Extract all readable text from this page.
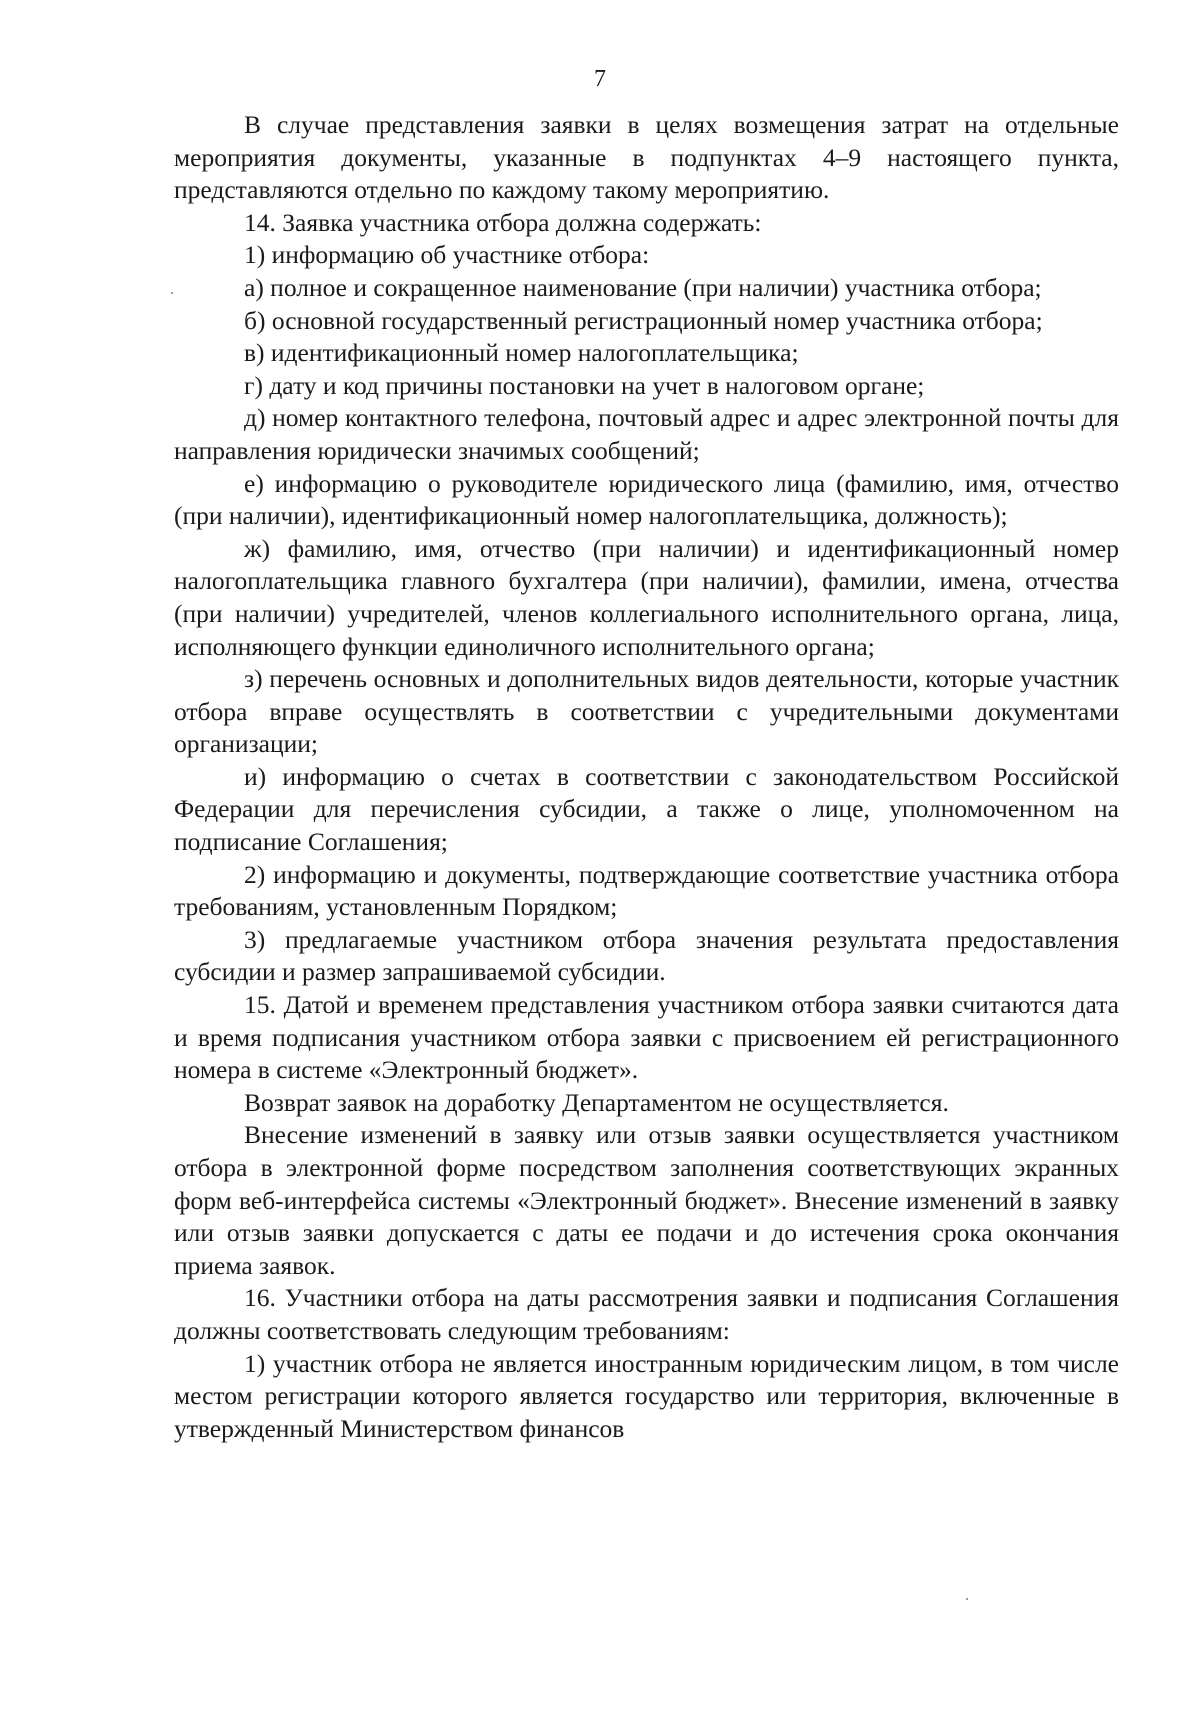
7

В случае представления заявки в целях возмещения затрат на отдельные мероприятия документы, указанные в подпунктах 4–9 настоящего пункта, представляются отдельно по каждому такому мероприятию.

14. Заявка участника отбора должна содержать:

1) информацию об участнике отбора:

а) полное и сокращенное наименование (при наличии) участника отбора;

б) основной государственный регистрационный номер участника отбора;

в) идентификационный номер налогоплательщика;

г) дату и код причины постановки на учет в налоговом органе;

д) номер контактного телефона, почтовый адрес и адрес электронной почты для направления юридически значимых сообщений;

е) информацию о руководителе юридического лица (фамилию, имя, отчество (при наличии), идентификационный номер налогоплательщика, должность);

ж) фамилию, имя, отчество (при наличии) и идентификационный номер налогоплательщика главного бухгалтера (при наличии), фамилии, имена, отчества (при наличии) учредителей, членов коллегиального исполнительного органа, лица, исполняющего функции единоличного исполнительного органа;

з) перечень основных и дополнительных видов деятельности, которые участник отбора вправе осуществлять в соответствии с учредительными документами организации;

и) информацию о счетах в соответствии с законодательством Российской Федерации для перечисления субсидии, а также о лице, уполномоченном на подписание Соглашения;

2) информацию и документы, подтверждающие соответствие участника отбора требованиям, установленным Порядком;

3) предлагаемые участником отбора значения результата предоставления субсидии и размер запрашиваемой субсидии.

15. Датой и временем представления участником отбора заявки считаются дата и время подписания участником отбора заявки с присвоением ей регистрационного номера в системе «Электронный бюджет».

Возврат заявок на доработку Департаментом не осуществляется.

Внесение изменений в заявку или отзыв заявки осуществляется участником отбора в электронной форме посредством заполнения соответствующих экранных форм веб-интерфейса системы «Электронный бюджет». Внесение изменений в заявку или отзыв заявки допускается с даты ее подачи и до истечения срока окончания приема заявок.

16. Участники отбора на даты рассмотрения заявки и подписания Соглашения должны соответствовать следующим требованиям:

1) участник отбора не является иностранным юридическим лицом, в том числе местом регистрации которого является государство или территория, включенные в утвержденный Министерством финансов
